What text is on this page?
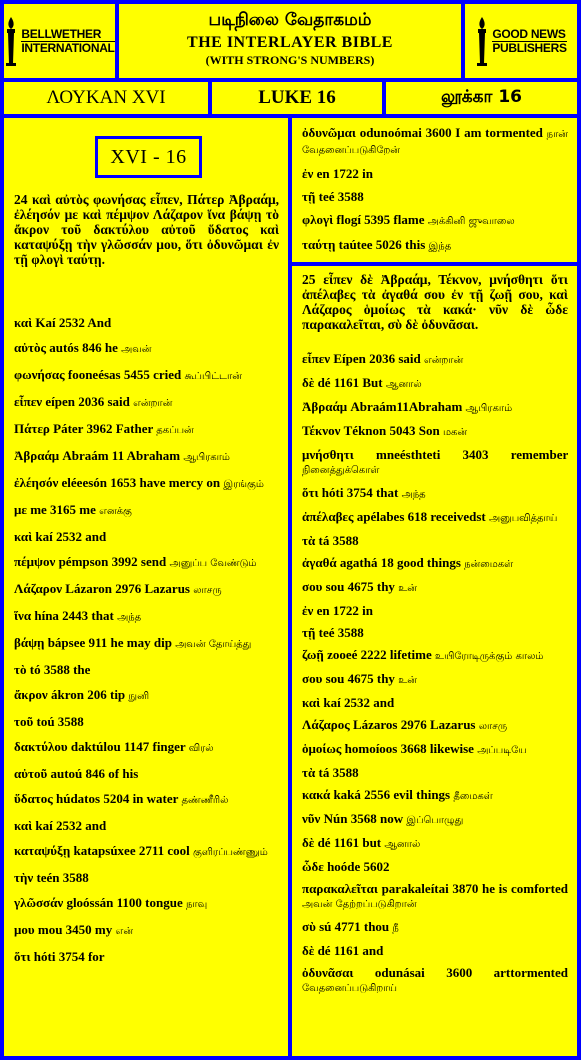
BELLWETHER
INTERNATIONAL
படிநிலை வேதாகமம்
THE INTERLAYER BIBLE
(WITH STRONG'S NUMBERS)
GOOD NEWS
PUBLISHERS
ΛΟΥΚΑΝ XVI	LUKE 16	லூக்கா 16
XVI - 16
24 καὶ αὐτὸς φωνήσας εἶπεν, Πάτερ Ἀβραάμ, ἐλέησόν με καὶ πέμψον Λάζαρον ἵνα βάψῃ τὸ ἄκρον τοῦ δακτύλου αὐτοῦ ὕδατος καὶ καταψύξῃ τὴν γλῶσσάν μου, ὅτι ὀδυνῶμαι ἐν τῇ φλογὶ ταύτῃ.
καὶ Kaí 2532 And
αὐτὸς autós 846 he அவன்
φωνήσας fooneésas 5455 cried கூப்பிட்டான்
εἶπεν eípen 2036 said என்றான்
Πάτερ Páter 3962 Father தகப்பன்
Ἀβραάμ Abraám 11 Abraham ஆபிரகாம்
ἐλέησόν eléeesón 1653 have mercy on இரங்கும்
με me 3165 me எனக்கு
καὶ kaí 2532 and
πέμψον pémpson 3992 send அனுப்ப வேண்டும்
Λάζαρον Lázaron 2976 Lazarus லாசரு
ἵνα hína 2443 that அந்த
βάψῃ bápsee 911 he may dip அவன் தோய்த்து
τὸ tó 3588 the
ἄκρον ákron 206 tip நுனி
τοῦ toú 3588
δακτύλου daktúlou 1147 finger விரல்
αὐτοῦ autoú 846 of his
ὕδατος húdatos 5204 in water தண்ணீரில்
καὶ kaí 2532 and
καταψύξῃ katapsúxee 2711 cool குளிரப்பண்ணும்
τὴν teén 3588
γλῶσσάν gloóssán 1100 tongue நாவு
μου mou 3450 my என்
ὅτι hóti 3754 for
ὀδυνῶμαι odunoómai 3600 I am tormented நான் வேதனைப்படுகிறேன்
ἐν en 1722 in
τῇ teé 3588
φλογὶ flogí 5395 flame அக்கினி ஜுவாலை
ταύτῃ taútee 5026 this இந்த
25 εἶπεν δὲ Ἀβραάμ, Τέκνον, μνήσθητι ὅτι ἀπέλαβες τὰ ἀγαθά σου ἐν τῇ ζωῇ σου, καὶ Λάζαρος ὁμοίως τὰ κακά· νῦν δὲ ὧδε παρακαλεῖται, σὺ δὲ ὀδυνᾶσαι.
εἶπεν Eípen 2036 said என்றான்
δὲ dé 1161 But ஆனால்
Ἀβραάμ Abraám11Abraham ஆபிரகாம்
Τέκνον Téknon 5043 Son மகன்
μνήσθητι mneésthteti 3403 remember நினைத்துக்கொள்
ὅτι hóti 3754 that அந்த
ἀπέλαβες apélabes 618 receivedst அனுபவித்தாய்
τὰ tá 3588
ἀγαθά agathá 18 good things நன்மைகள்
σου sou 4675 thy உன்
ἐν en 1722 in
τῇ teé 3588
ζωῇ zooeé 2222 lifetime உயிரோடிருக்கும் காலம்
σου sou 4675 thy உன்
καὶ kaí 2532 and
Λάζαρος Lázaros 2976 Lazarus லாசரு
ὁμοίως homoíoos 3668 likewise அப்படியே
τὰ tá 3588
κακά kaká 2556 evil things தீமைகள்
νῦν Nún 3568 now இப்பொழுது
δὲ dé 1161 but ஆனால்
ὧδε hoóde 5602
παρακαλεῖται parakaleítai 3870 he is comforted அவன் தேற்றப்படுகிறான்
σὺ sú 4771 thou நீ
δὲ dé 1161 and
ὀδυνᾶσαι odunásai 3600 arttormented வேதனைப்படுகிறாய்
